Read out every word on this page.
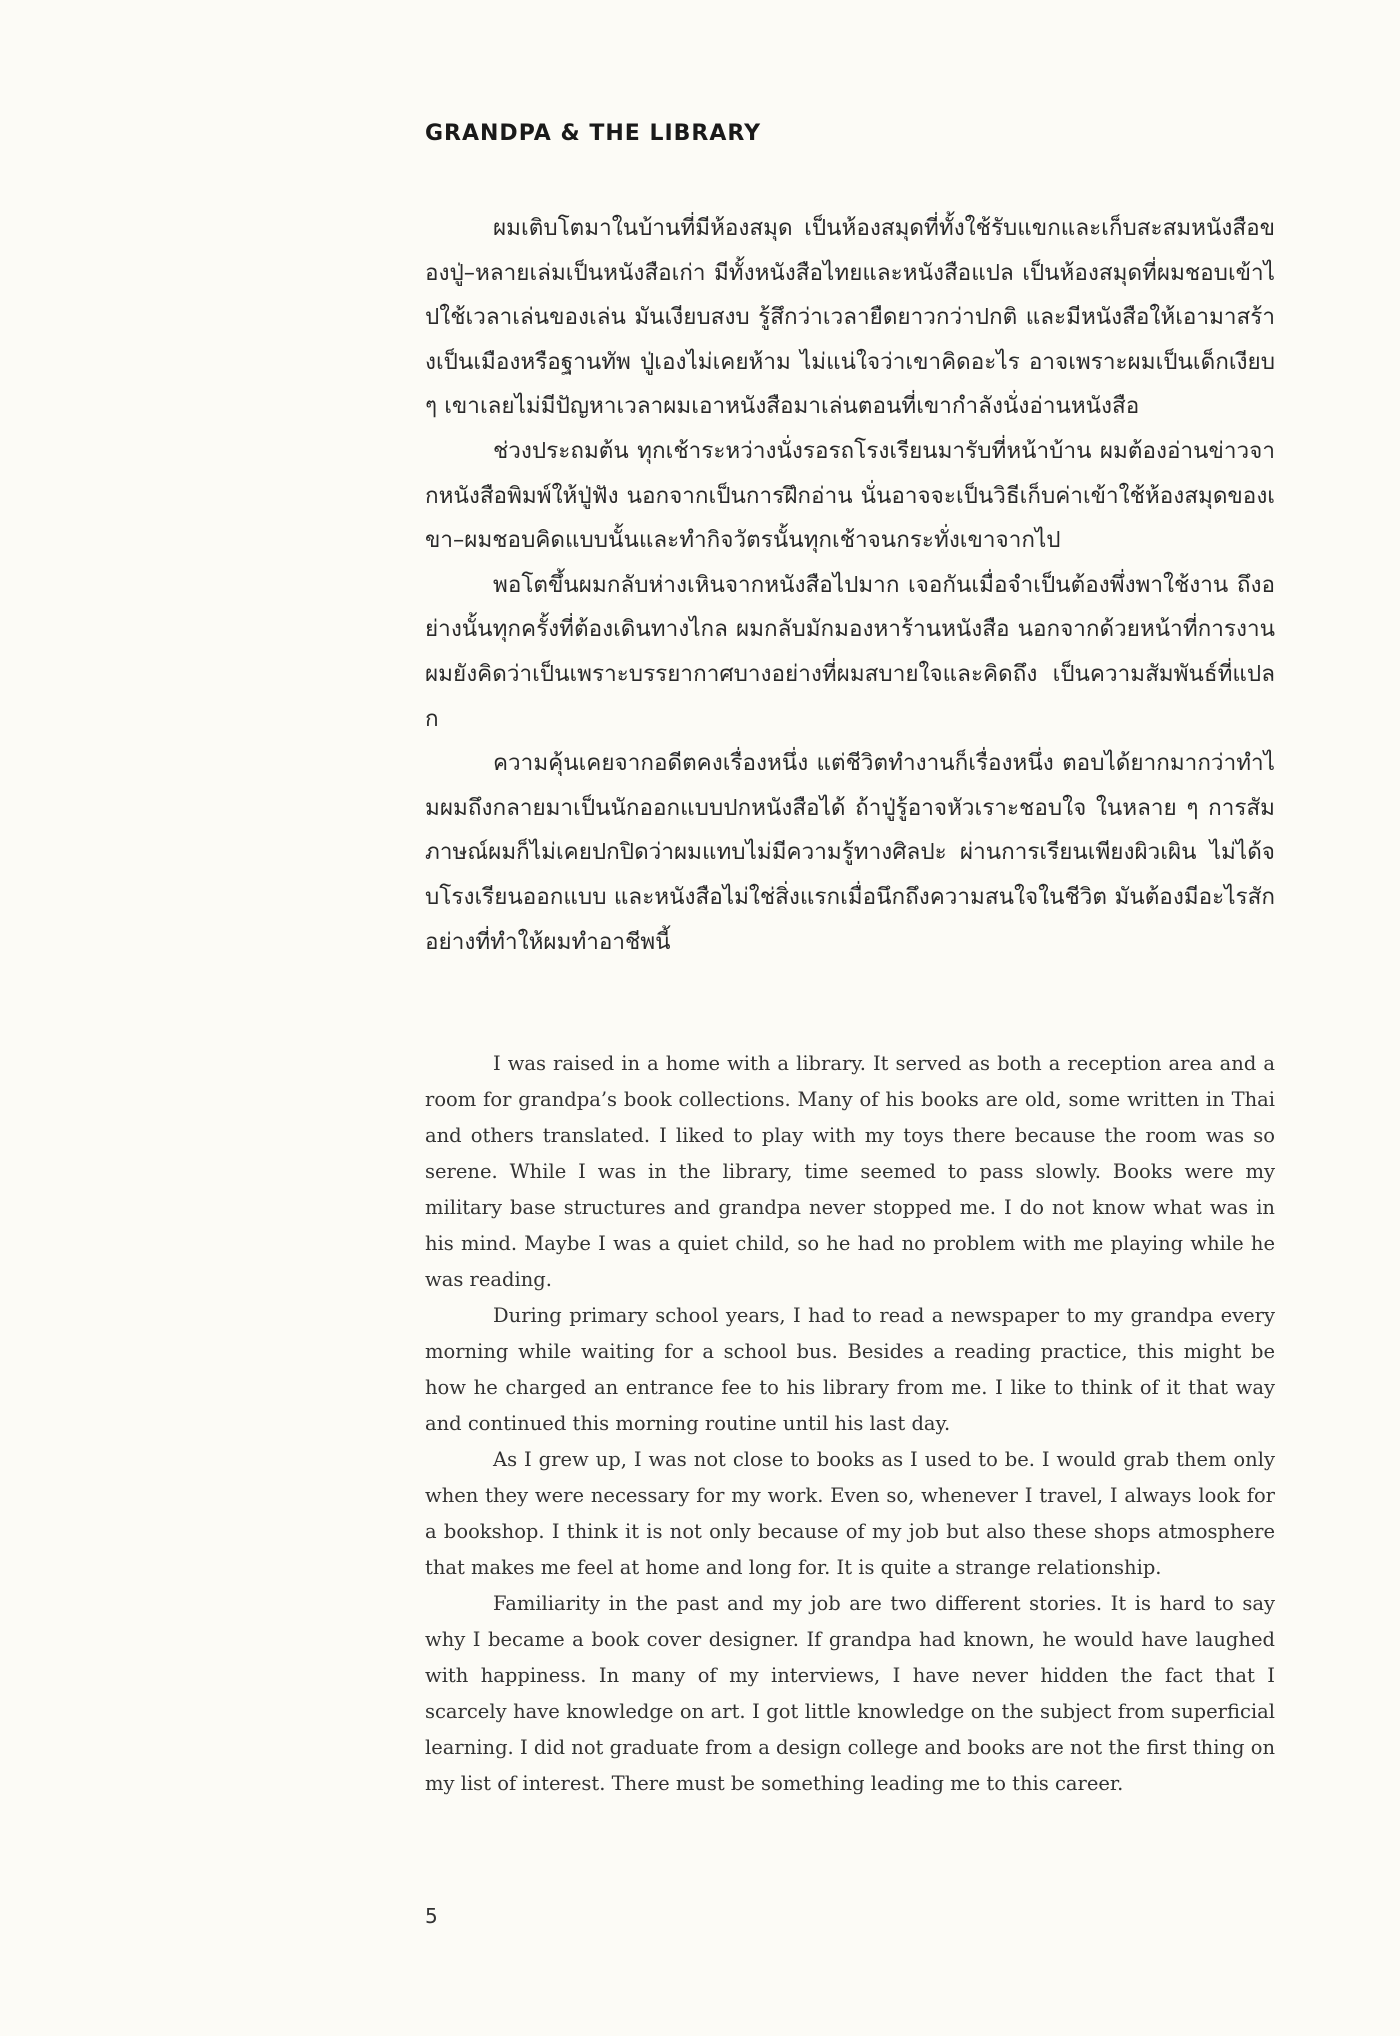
GRANDPA & THE LIBRARY

ผมเติบโตมาในบ้านที่มีห้องสมุด เป็นห้องสมุดที่ทั้งใช้รับแขกและเก็บสะสมหนังสือของปู่–หลายเล่มเป็นหนังสือเก่า มีทั้งหนังสือไทยและหนังสือแปล เป็นห้องสมุดที่ผมชอบเข้าไปใช้เวลาเล่นของเล่น มันเงียบสงบ รู้สึกว่าเวลายืดยาวกว่าปกติ และมีหนังสือให้เอามาสร้างเป็นเมืองหรือฐานทัพ ปู่เองไม่เคยห้าม ไม่แน่ใจว่าเขาคิดอะไร อาจเพราะผมเป็นเด็กเงียบ ๆ เขาเลยไม่มีปัญหาเวลาผมเอาหนังสือมาเล่นตอนที่เขากำลังนั่งอ่านหนังสือ

ช่วงประถมต้น ทุกเช้าระหว่างนั่งรอรถโรงเรียนมารับที่หน้าบ้าน ผมต้องอ่านข่าวจากหนังสือพิมพ์ให้ปู่ฟัง นอกจากเป็นการฝึกอ่าน นั่นอาจจะเป็นวิธีเก็บค่าเข้าใช้ห้องสมุดของเขา–ผมชอบคิดแบบนั้นและทำกิจวัตรนั้นทุกเช้าจนกระทั่งเขาจากไป

พอโตขึ้นผมกลับห่างเหินจากหนังสือไปมาก เจอกันเมื่อจำเป็นต้องพึ่งพาใช้งาน ถึงอย่างนั้นทุกครั้งที่ต้องเดินทางไกล ผมกลับมักมองหาร้านหนังสือ นอกจากด้วยหน้าที่การงาน ผมยังคิดว่าเป็นเพราะบรรยากาศบางอย่างที่ผมสบายใจและคิดถึง เป็นความสัมพันธ์ที่แปลก

ความคุ้นเคยจากอดีตคงเรื่องหนึ่ง แต่ชีวิตทำงานก็เรื่องหนึ่ง ตอบได้ยากมากว่าทำไมผมถึงกลายมาเป็นนักออกแบบปกหนังสือได้ ถ้าปู่รู้อาจหัวเราะชอบใจ ในหลาย ๆ การสัมภาษณ์ผมก็ไม่เคยปกปิดว่าผมแทบไม่มีความรู้ทางศิลปะ ผ่านการเรียนเพียงผิวเผิน ไม่ได้จบโรงเรียนออกแบบ และหนังสือไม่ใช่สิ่งแรกเมื่อนึกถึงความสนใจในชีวิต มันต้องมีอะไรสักอย่างที่ทำให้ผมทำอาชีพนี้

I was raised in a home with a library. It served as both a reception area and a room for grandpa’s book collections. Many of his books are old, some written in Thai and others translated. I liked to play with my toys there because the room was so serene. While I was in the library, time seemed to pass slowly. Books were my military base structures and grandpa never stopped me. I do not know what was in his mind. Maybe I was a quiet child, so he had no problem with me playing while he was reading.

During primary school years, I had to read a newspaper to my grandpa every morning while waiting for a school bus. Besides a reading practice, this might be how he charged an entrance fee to his library from me. I like to think of it that way and continued this morning routine until his last day.

As I grew up, I was not close to books as I used to be. I would grab them only when they were necessary for my work. Even so, whenever I travel, I always look for a bookshop. I think it is not only because of my job but also these shops atmosphere that makes me feel at home and long for. It is quite a strange relationship.

Familiarity in the past and my job are two different stories. It is hard to say why I became a book cover designer. If grandpa had known, he would have laughed with happiness. In many of my interviews, I have never hidden the fact that I scarcely have knowledge on art. I got little knowledge on the subject from superficial learning. I did not graduate from a design college and books are not the first thing on my list of interest. There must be something leading me to this career.

5
